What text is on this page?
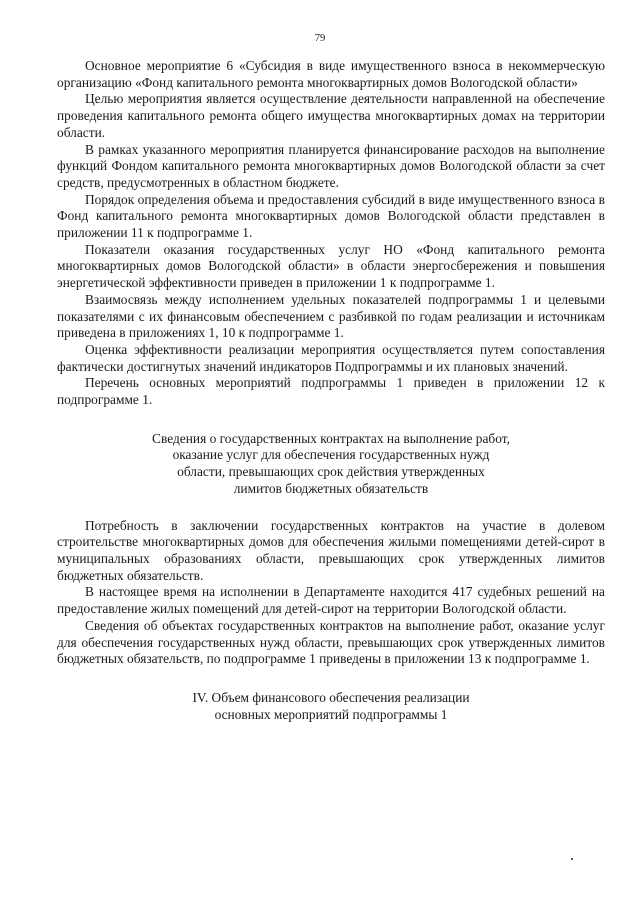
79

Основное мероприятие 6 «Субсидия в виде имущественного взноса в некоммерческую организацию «Фонд капитального ремонта многоквартирных домов Вологодской области»

Целью мероприятия является осуществление деятельности направленной на обеспечение проведения капитального ремонта общего имущества многоквартирных домах на территории области.

В рамках указанного мероприятия планируется финансирование расходов на выполнение функций Фондом капитального ремонта многоквартирных домов Вологодской области за счет средств, предусмотренных в областном бюджете.

Порядок определения объема и предоставления субсидий в виде имущественного взноса в Фонд капитального ремонта многоквартирных домов Вологодской области представлен в приложении 11 к подпрограмме 1.

Показатели оказания государственных услуг НО «Фонд капитального ремонта многоквартирных домов Вологодской области» в области энергосбережения и повышения энергетической эффективности приведен в приложении 1 к подпрограмме 1.

Взаимосвязь между исполнением удельных показателей подпрограммы 1 и целевыми показателями с их финансовым обеспечением с разбивкой по годам реализации и источникам приведена в приложениях 1, 10 к подпрограмме 1.

Оценка эффективности реализации мероприятия осуществляется путем сопоставления фактически достигнутых значений индикаторов Подпрограммы и их плановых значений.

Перечень основных мероприятий подпрограммы 1 приведен в приложении 12 к подпрограмме 1.

Сведения о государственных контрактах на выполнение работ,

оказание услуг для обеспечения государственных нужд

области, превышающих срок действия утвержденных

лимитов бюджетных обязательств

Потребность в заключении государственных контрактов на участие в долевом строительстве многоквартирных домов для обеспечения жилыми помещениями детей-сирот в муниципальных образованиях области, превышающих срок утвержденных лимитов бюджетных обязательств.

В настоящее время на исполнении в Департаменте находится 417 судебных решений на предоставление жилых помещений для детей-сирот на территории Вологодской области.

Сведения об объектах государственных контрактов на выполнение работ, оказание услуг для обеспечения государственных нужд области, превышающих срок утвержденных лимитов бюджетных обязательств, по подпрограмме 1 приведены в приложении 13 к подпрограмме 1.

IV. Объем финансового обеспечения реализации

основных мероприятий подпрограммы 1
